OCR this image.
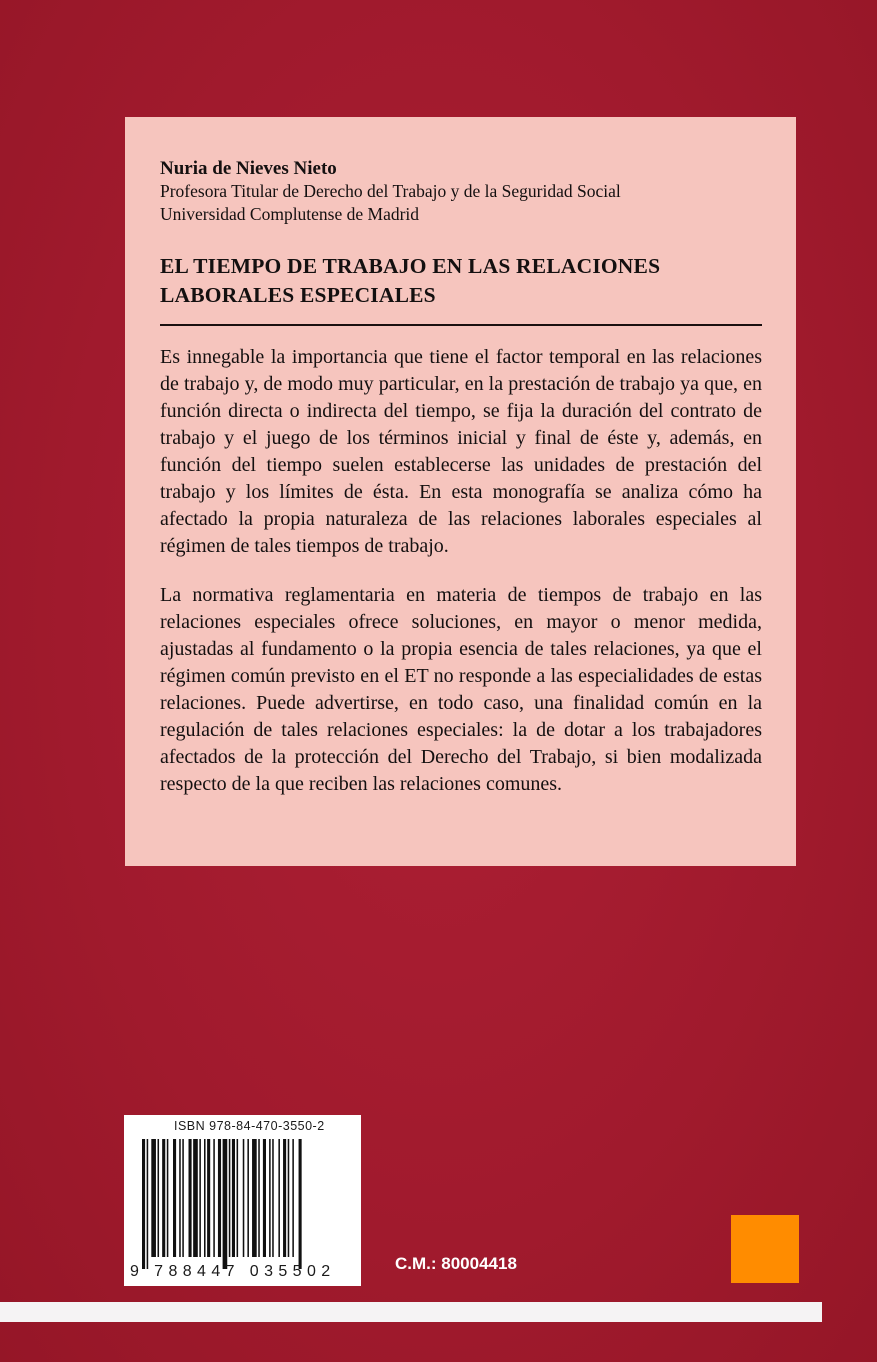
Nuria de Nieves Nieto
Profesora Titular de Derecho del Trabajo y de la Seguridad Social
Universidad Complutense de Madrid
EL TIEMPO DE TRABAJO EN LAS RELACIONES
LABORALES ESPECIALES
Es innegable la importancia que tiene el factor temporal en las relaciones de trabajo y, de modo muy particular, en la prestación de trabajo ya que, en función directa o indirecta del tiempo, se fija la duración del contrato de trabajo y el juego de los términos inicial y final de éste y, además, en función del tiempo suelen establecerse las unidades de prestación del trabajo y los límites de ésta. En esta monografía se analiza cómo ha afectado la propia naturaleza de las relaciones laborales especiales al régimen de tales tiempos de trabajo.
La normativa reglamentaria en materia de tiempos de trabajo en las relaciones especiales ofrece soluciones, en mayor o menor medida, ajustadas al fundamento o la propia esencia de tales relaciones, ya que el régimen común previsto en el ET no responde a las especialidades de estas relaciones. Puede advertirse, en todo caso, una finalidad común en la regulación de tales relaciones especiales: la de dotar a los trabajadores afectados de la protección del Derecho del Trabajo, si bien modalizada respecto de la que reciben las relaciones comunes.
ISBN 978-84-470-3550-2
9 788447 035502	C.M.: 80004418
